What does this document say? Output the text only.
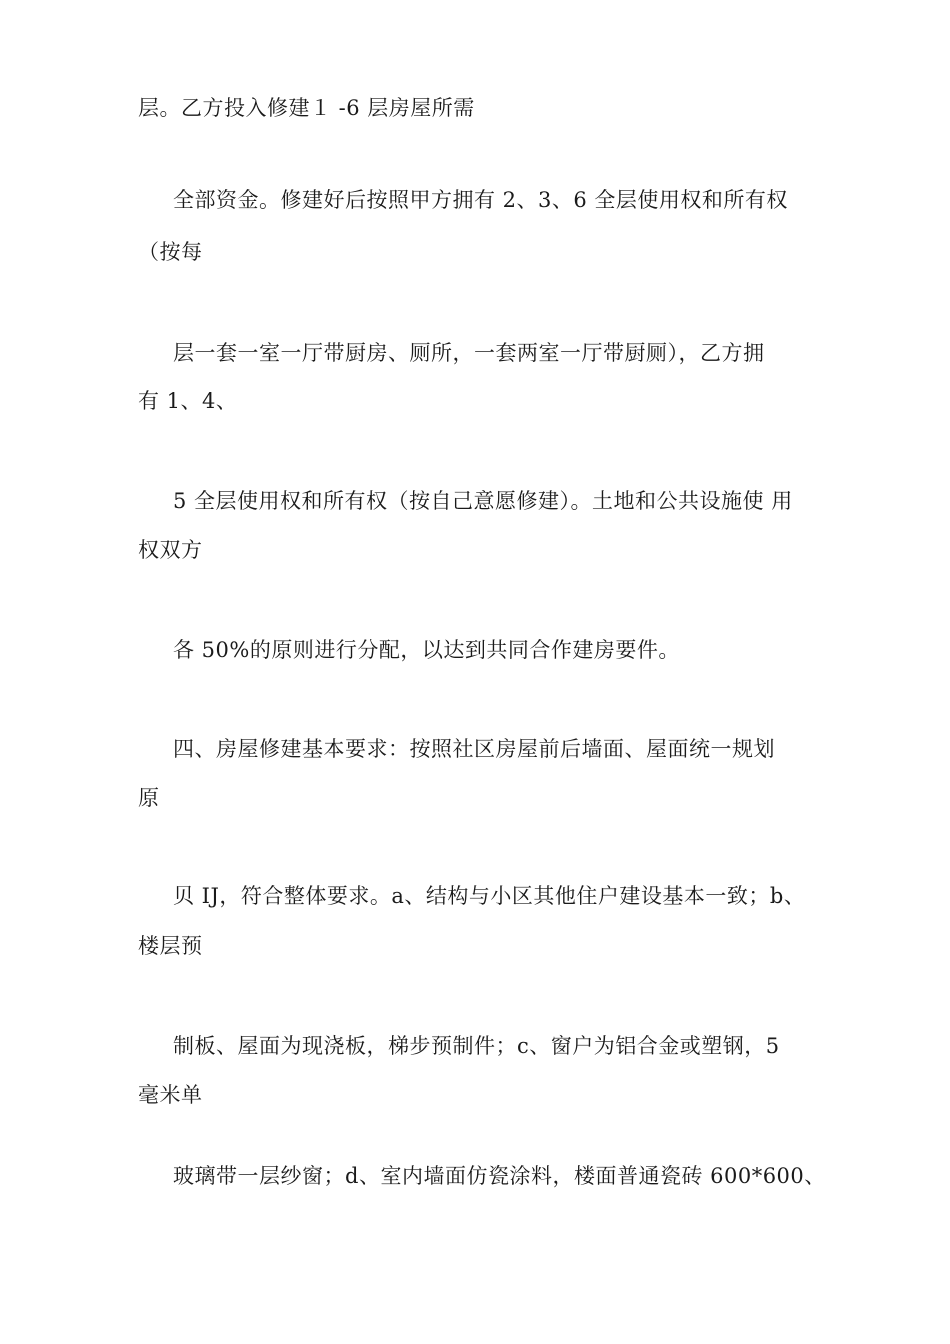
层。乙方投入修建１ -6 层房屋所需
全部资金。修建好后按照甲方拥有 2、3、6 全层使用权和所有权
（按每
层一套一室一厅带厨房、厕所，一套两室一厅带厨厕），乙方拥
有 1、4、
5 全层使用权和所有权（按自己意愿修建）。土地和公共设施使 用
权双方
各 50%的原则进行分配，以达到共同合作建房要件。
四、房屋修建基本要求：按照社区房屋前后墙面、屋面统一规划
原
贝 IJ，符合整体要求。a、结构与小区其他住户建设基本一致；b、
楼层预
制板、屋面为现浇板，梯步预制件；c、窗户为铝合金或塑钢，5
毫米单
玻璃带一层纱窗；d、室内墙面仿瓷涂料，楼面普通瓷砖 600*600、
